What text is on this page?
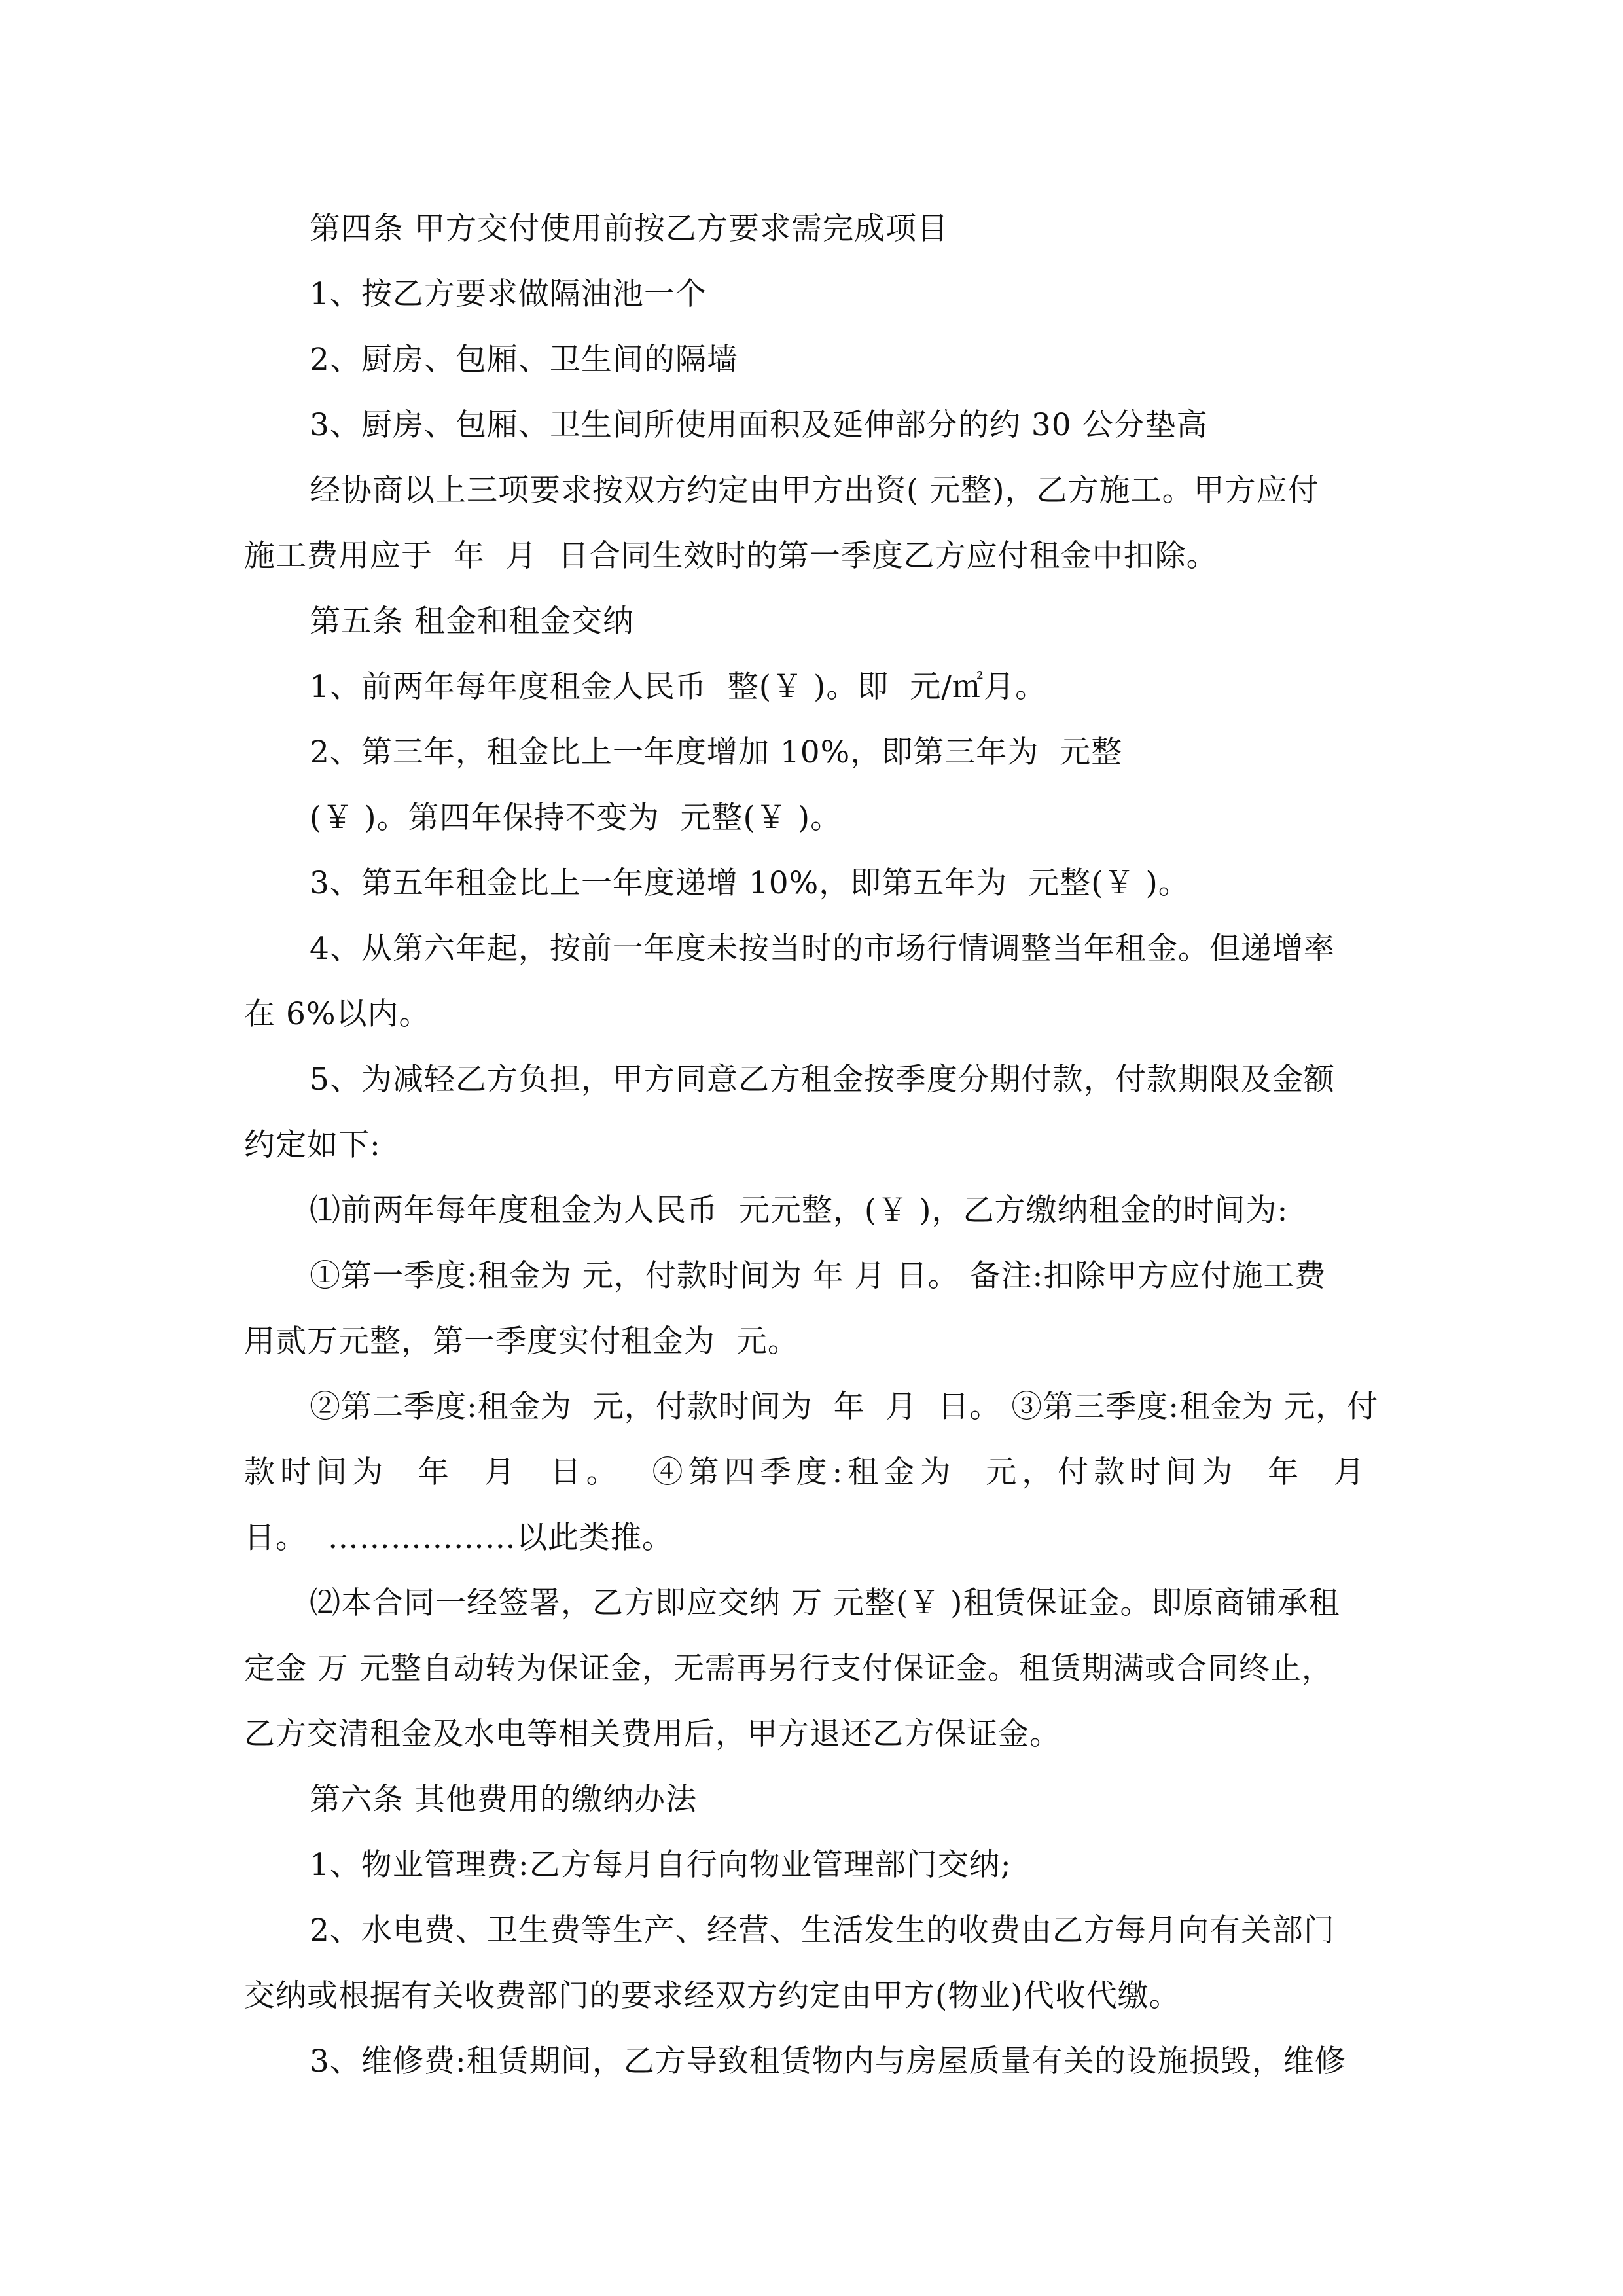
第四条 甲方交付使用前按乙方要求需完成项目
1、按乙方要求做隔油池一个
2、厨房、包厢、卫生间的隔墙
3、厨房、包厢、卫生间所使用面积及延伸部分的约 30 公分垫高
经协商以上三项要求按双方约定由甲方出资( 元整)，乙方施工。甲方应付
施工费用应于  年  月  日合同生效时的第一季度乙方应付租金中扣除。
第五条 租金和租金交纳
1、前两年每年度租金人民币  整(￥ )。即  元/㎡月。
2、第三年，租金比上一年度增加 10%，即第三年为  元整
(￥ )。第四年保持不变为  元整(￥ )。
3、第五年租金比上一年度递增 10%，即第五年为  元整(￥ )。
4、从第六年起，按前一年度未按当时的市场行情调整当年租金。但递增率
在 6%以内。
5、为减轻乙方负担，甲方同意乙方租金按季度分期付款，付款期限及金额
约定如下:
⑴前两年每年度租金为人民币  元元整，(￥ )，乙方缴纳租金的时间为:
①第一季度:租金为 元，付款时间为 年 月 日。 备注:扣除甲方应付施工费
用贰万元整，第一季度实付租金为  元。
②第二季度:租金为  元，付款时间为  年  月  日。 ③第三季度:租金为 元，付
款时间为  年  月  日。  ④第四季度:租金为  元，付款时间为  年  月
日。  ………………以此类推。
⑵本合同一经签署，乙方即应交纳 万 元整(￥ )租赁保证金。即原商铺承租
定金 万 元整自动转为保证金，无需再另行支付保证金。租赁期满或合同终止，
乙方交清租金及水电等相关费用后，甲方退还乙方保证金。
第六条 其他费用的缴纳办法
1、物业管理费:乙方每月自行向物业管理部门交纳;
2、水电费、卫生费等生产、经营、生活发生的收费由乙方每月向有关部门
交纳或根据有关收费部门的要求经双方约定由甲方(物业)代收代缴。
3、维修费:租赁期间，乙方导致租赁物内与房屋质量有关的设施损毁，维修
